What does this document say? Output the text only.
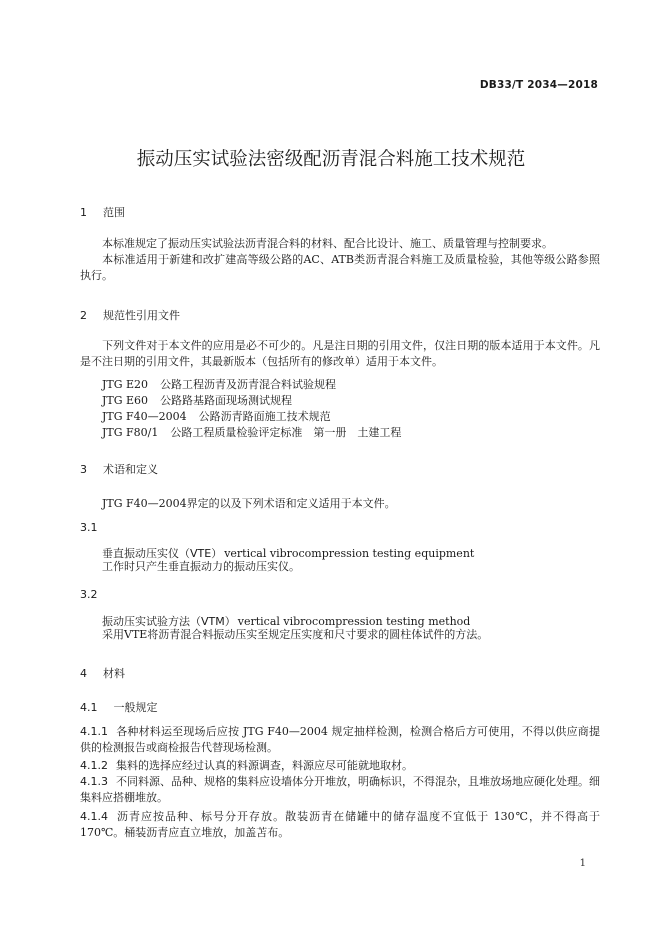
DB33/T 2034—2018
振动压实试验法密级配沥青混合料施工技术规范
1 范围
本标准规定了振动压实试验法沥青混合料的材料、配合比设计、施工、质量管理与控制要求。
本标准适用于新建和改扩建高等级公路的AC、ATB类沥青混合料施工及质量检验，其他等级公路参照执行。
2 规范性引用文件
下列文件对于本文件的应用是必不可少的。凡是注日期的引用文件，仅注日期的版本适用于本文件。凡是不注日期的引用文件，其最新版本（包括所有的修改单）适用于本文件。
JTG E20 公路工程沥青及沥青混合料试验规程
JTG E60 公路路基路面现场测试规程
JTG F40—2004 公路沥青路面施工技术规范
JTG F80/1 公路工程质量检验评定标准　第一册　土建工程
3 术语和定义
JTG F40—2004界定的以及下列术语和定义适用于本文件。
3.1
垂直振动压实仪（VTE） vertical vibrocompression testing equipment
工作时只产生垂直振动力的振动压实仪。
3.2
振动压实试验方法（VTM） vertical vibrocompression testing method
采用VTE将沥青混合料振动压实至规定压实度和尺寸要求的圆柱体试件的方法。
4 材料
4.1 一般规定
4.1.1 各种材料运至现场后应按 JTG F40—2004 规定抽样检测，检测合格后方可使用，不得以供应商提供的检测报告或商检报告代替现场检测。
4.1.2 集料的选择应经过认真的料源调查，料源应尽可能就地取材。
4.1.3 不同料源、品种、规格的集料应设墙体分开堆放，明确标识，不得混杂，且堆放场地应硬化处理。细集料应搭棚堆放。
4.1.4 沥青应按品种、标号分开存放。散装沥青在储罐中的储存温度不宜低于 130℃，并不得高于 170℃。桶装沥青应直立堆放，加盖苫布。
1
